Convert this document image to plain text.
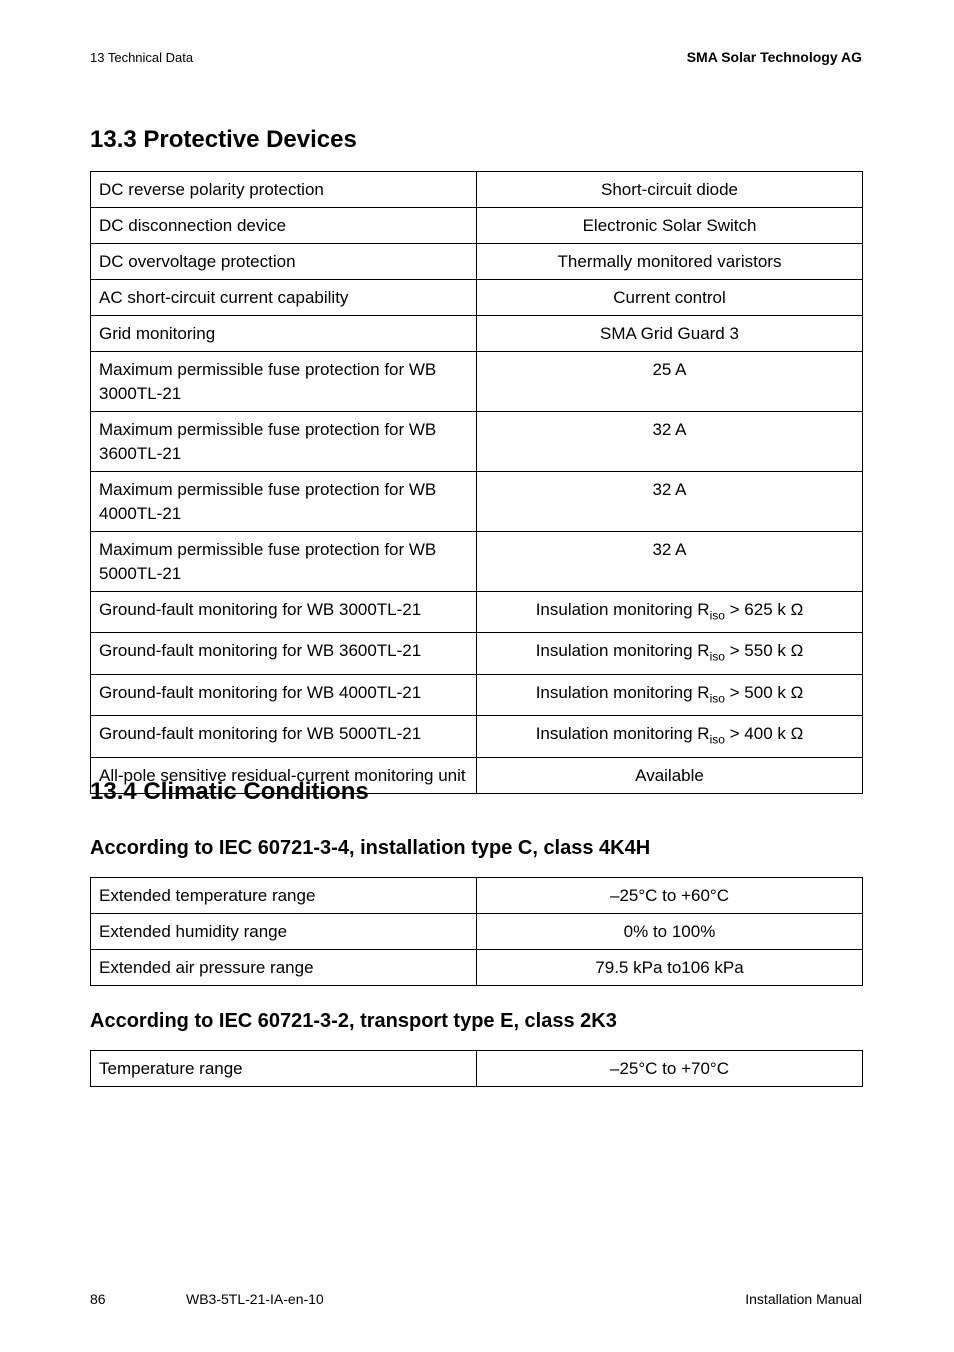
13 Technical Data	SMA Solar Technology AG
13.3 Protective Devices
DC reverse polarity protection	Short-circuit diode
DC disconnection device	Electronic Solar Switch
DC overvoltage protection	Thermally monitored varistors
AC short-circuit current capability	Current control
Grid monitoring	SMA Grid Guard 3
Maximum permissible fuse protection for WB 3000TL-21	25 A
Maximum permissible fuse protection for WB 3600TL-21	32 A
Maximum permissible fuse protection for WB 4000TL-21	32 A
Maximum permissible fuse protection for WB 5000TL-21	32 A
Ground-fault monitoring for WB 3000TL-21	Insulation monitoring $R_{iso} > 625$ k Ω
Ground-fault monitoring for WB 3600TL-21	Insulation monitoring $R_{iso} > 550$ k Ω
Ground-fault monitoring for WB 4000TL-21	Insulation monitoring $R_{iso} > 500$ k Ω
Ground-fault monitoring for WB 5000TL-21	Insulation monitoring $R_{iso} > 400$ k Ω
All-pole sensitive residual-current monitoring unit	Available
13.4 Climatic Conditions
According to IEC 60721-3-4, installation type C, class 4K4H
Extended temperature range	–25°C to +60°C
Extended humidity range	0% to 100%
Extended air pressure range	79.5 kPa to106 kPa
According to IEC 60721-3-2, transport type E, class 2K3
Temperature range	–25°C to +70°C
86	WB3-5TL-21-IA-en-10	Installation Manual
